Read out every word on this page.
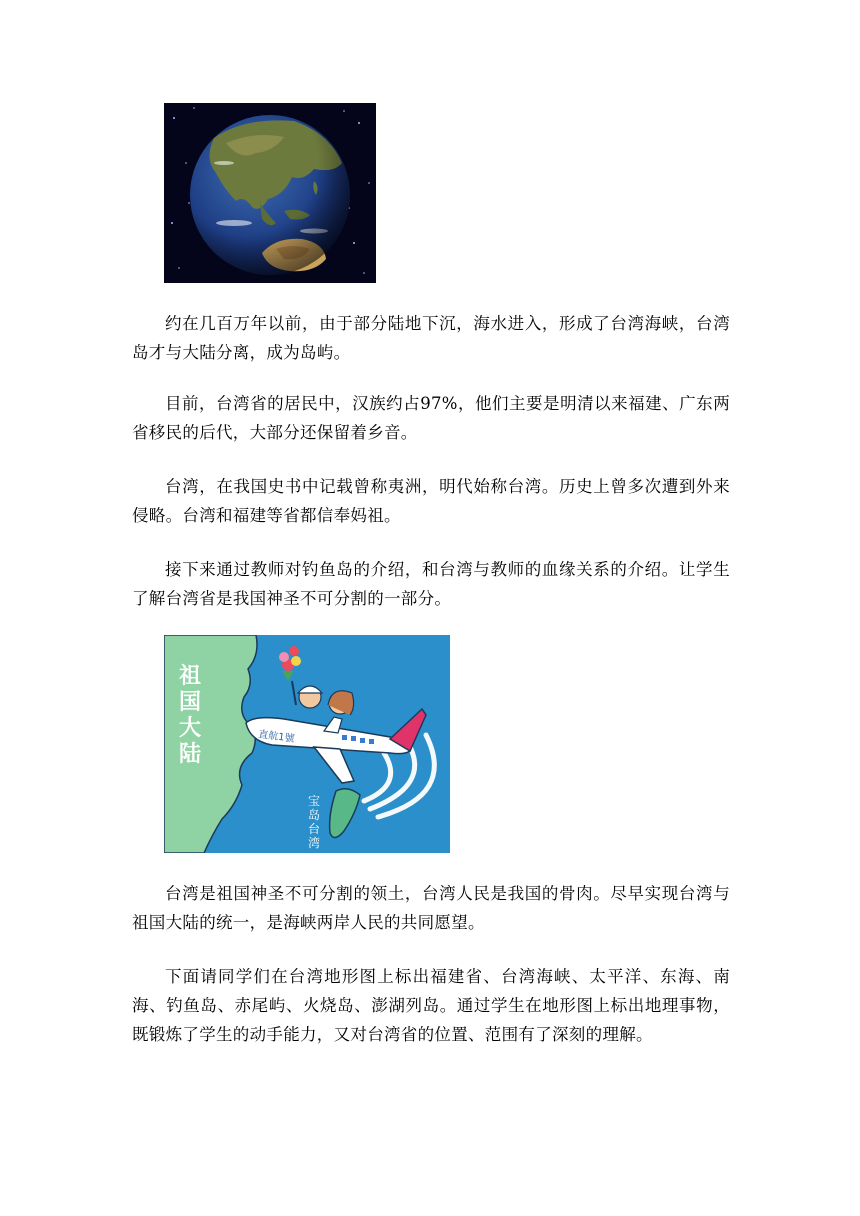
约在几百万年以前，由于部分陆地下沉，海水进入，形成了台湾海峡，台湾岛才与大陆分离，成为岛屿。

目前，台湾省的居民中，汉族约占97%，他们主要是明清以来福建、广东两省移民的后代，大部分还保留着乡音。

台湾，在我国史书中记载曾称夷洲，明代始称台湾。历史上曾多次遭到外来侵略。台湾和福建等省都信奉妈祖。

接下来通过教师对钓鱼岛的介绍，和台湾与教师的血缘关系的介绍。让学生了解台湾省是我国神圣不可分割的一部分。

直航1號
祖
国
大
陆
宝
岛
台
湾

台湾是祖国神圣不可分割的领土，台湾人民是我国的骨肉。尽早实现台湾与祖国大陆的统一，是海峡两岸人民的共同愿望。

下面请同学们在台湾地形图上标出福建省、台湾海峡、太平洋、东海、南海、钓鱼岛、赤尾屿、火烧岛、澎湖列岛。通过学生在地形图上标出地理事物，既锻炼了学生的动手能力，又对台湾省的位置、范围有了深刻的理解。
